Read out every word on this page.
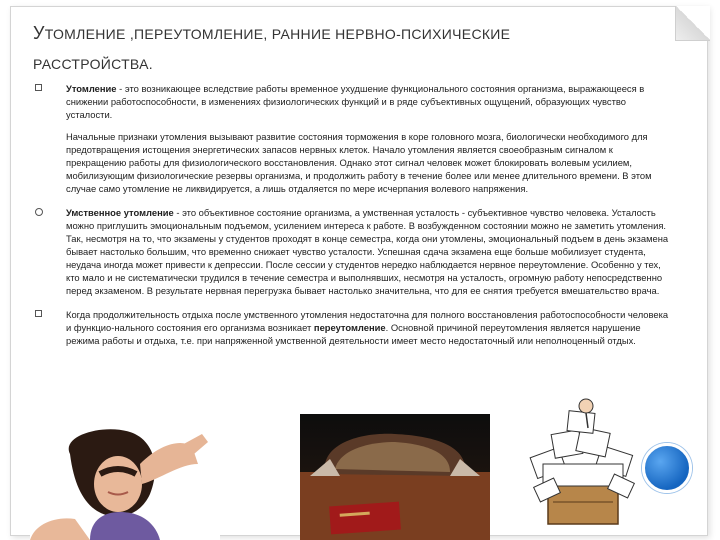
УТОМЛЕНИЕ ,ПЕРЕУТОМЛЕНИЕ, РАННИЕ НЕРВНО-ПСИХИЧЕСКИЕ
РАССТРОЙСТВА.

Утомление - это возникающее вследствие работы временное ухудшение функционального состояния организма, выражающееся в снижении работоспособности, в изменениях физиологических функций и в ряде субъективных ощущений, образующих чувство усталости.

Начальные признаки утомления вызывают развитие состояния торможения в коре головного мозга, биологически необходимого для предотвращения истощения энергетических запасов нервных клеток. Начало утомления является своеобразным сигналом к прекращению работы для физиологического восстановления. Однако этот сигнал человек может блокировать волевым усилием, мобилизующим физиологические резервы организма, и продолжить работу в течение более или менее длительного времени. В этом случае само утомление не ликвидируется, а лишь отдаляется по мере исчерпания волевого напряжения.

Умственное утомление - это объективное состояние организма, а умственная усталость - субъективное чувство человека. Усталость можно приглушить эмоциональным подъемом, усилением интереса к работе. В возбужденном состоянии можно не заметить утомления. Так, несмотря на то, что экзамены у студентов проходят в конце семестра, когда они утомлены, эмоциональный подъем в день экзамена бывает настолько большим, что временно снижает чувство усталости. Успешная сдача экзамена еще больше мобилизует студента, неудача иногда может привести к депрессии. После сессии у студентов нередко наблюдается нервное переутомление. Особенно у тех, кто мало и не систематически трудился в течение семестра и выполнявших, несмотря на усталость, огромную работу непосредственно перед экзаменом. В результате нервная перегрузка бывает настолько значительна, что для ее снятия требуется вмешательство врача.

Когда продолжительность отдыха после умственного утомления недостаточна для полного восстановления работоспособности человека и функцио-нального состояния его организма возникает переутомление. Основной причиной переутомления является нарушение режима работы и отдыха, т.е. при напряженной умственной деятельности имеет место недостаточный или неполноценный отдых.
